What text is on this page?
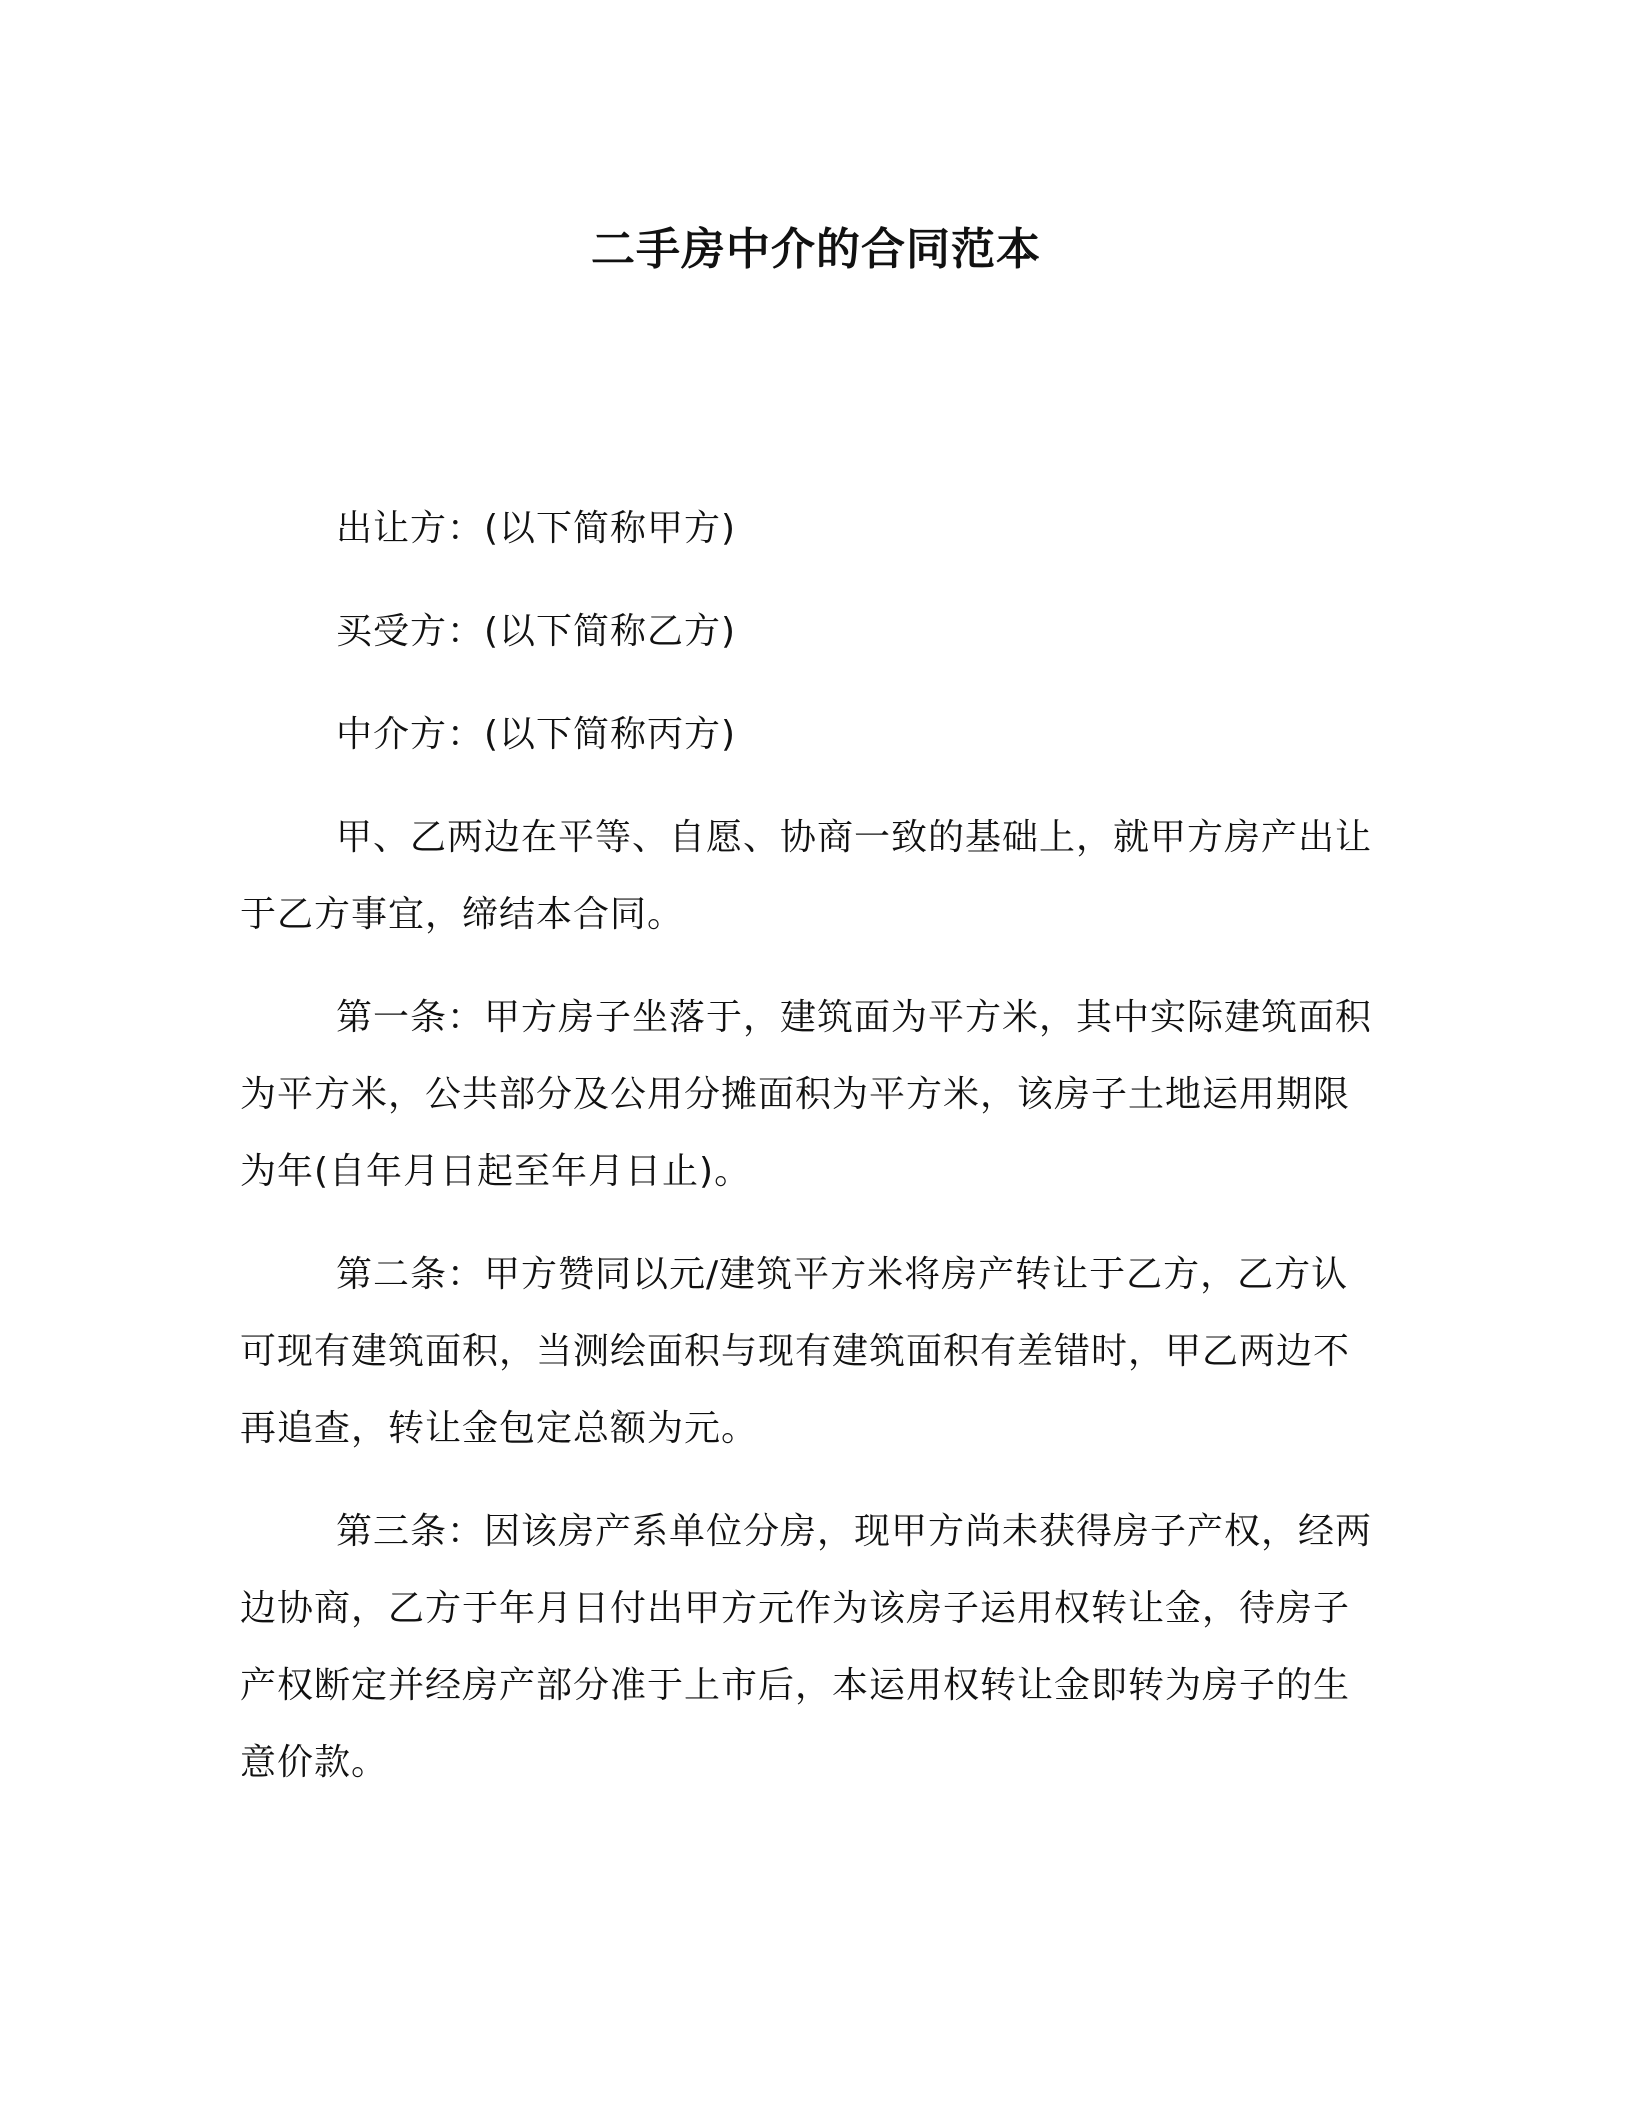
二手房中介的合同范本

出让方：(以下简称甲方)

买受方：(以下简称乙方)

中介方：(以下简称丙方)

甲、乙两边在平等、自愿、协商一致的基础上，就甲方房产出让于乙方事宜，缔结本合同。

第一条：甲方房子坐落于，建筑面为平方米，其中实际建筑面积为平方米，公共部分及公用分摊面积为平方米，该房子土地运用期限为年(自年月日起至年月日止)。

第二条：甲方赞同以元/建筑平方米将房产转让于乙方，乙方认可现有建筑面积，当测绘面积与现有建筑面积有差错时，甲乙两边不再追查，转让金包定总额为元。

第三条：因该房产系单位分房，现甲方尚未获得房子产权，经两边协商，乙方于年月日付出甲方元作为该房子运用权转让金，待房子产权断定并经房产部分准于上市后，本运用权转让金即转为房子的生意价款。
